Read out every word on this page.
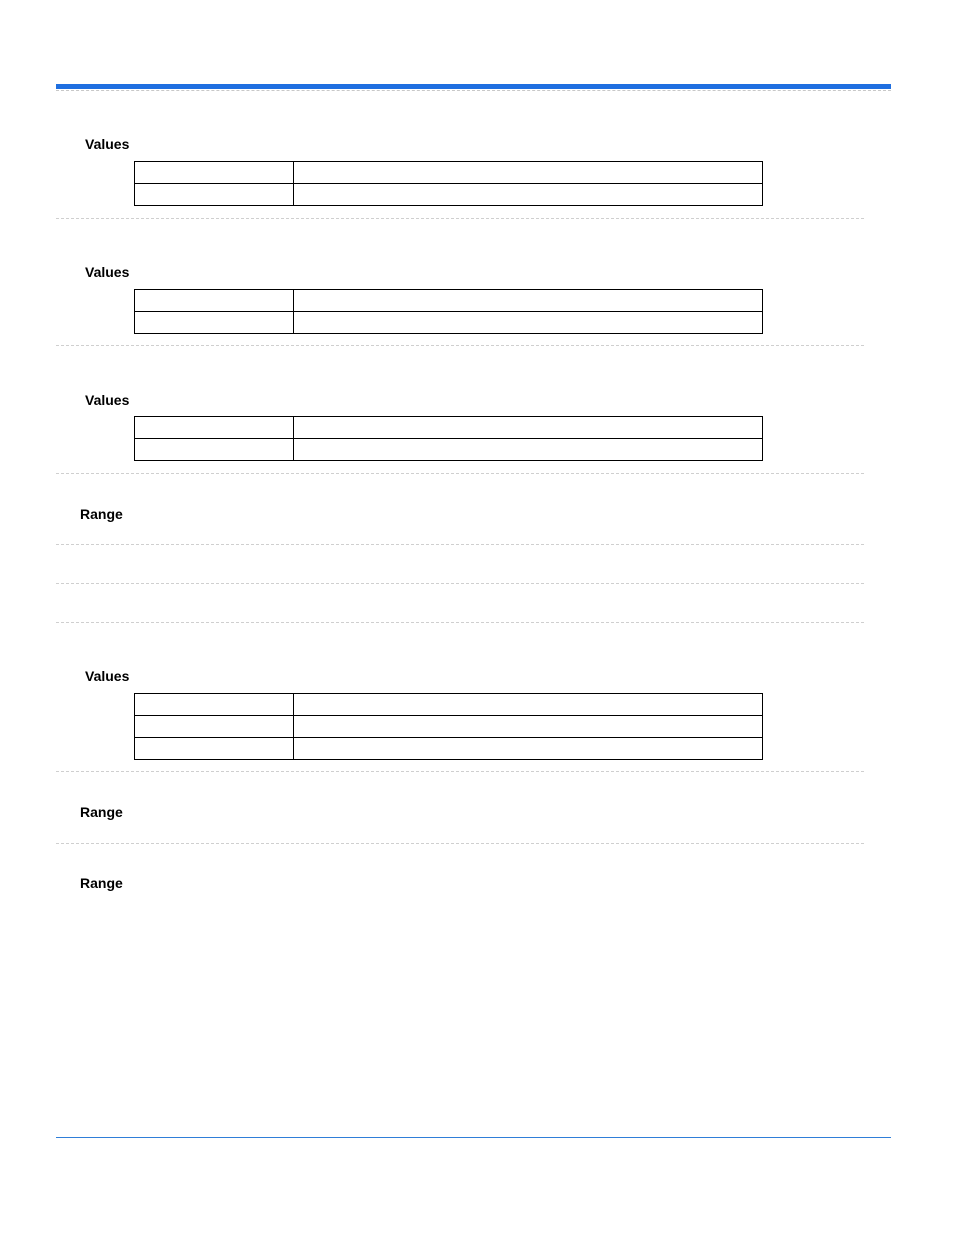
Values

Values

Values

Range
Values

Range
Range
